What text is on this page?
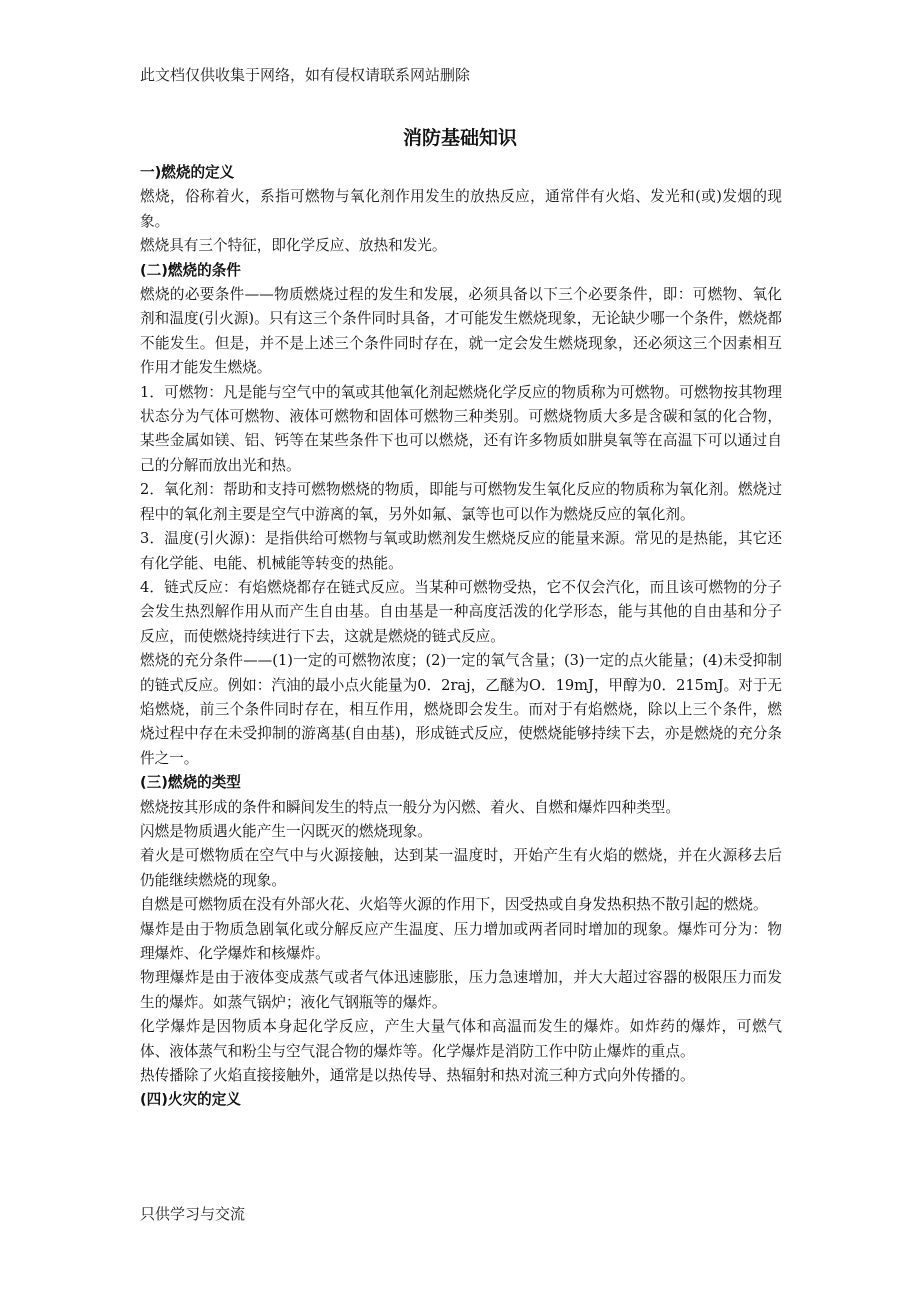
此文档仅供收集于网络，如有侵权请联系网站删除
消防基础知识
一)燃烧的定义
燃烧，俗称着火，系指可燃物与氧化剂作用发生的放热反应，通常伴有火焰、发光和(或)发烟的现象。
燃烧具有三个特征，即化学反应、放热和发光。
(二)燃烧的条件
燃烧的必要条件——物质燃烧过程的发生和发展，必须具备以下三个必要条件，即：可燃物、氧化剂和温度(引火源)。只有这三个条件同时具备，才可能发生燃烧现象，无论缺少哪一个条件，燃烧都不能发生。但是，并不是上述三个条件同时存在，就一定会发生燃烧现象，还必须这三个因素相互作用才能发生燃烧。
1．可燃物：凡是能与空气中的氧或其他氧化剂起燃烧化学反应的物质称为可燃物。可燃物按其物理状态分为气体可燃物、液体可燃物和固体可燃物三种类别。可燃烧物质大多是含碳和氢的化合物，某些金属如镁、铝、钙等在某些条件下也可以燃烧，还有许多物质如肼臭氧等在高温下可以通过自己的分解而放出光和热。
2．氧化剂：帮助和支持可燃物燃烧的物质，即能与可燃物发生氧化反应的物质称为氧化剂。燃烧过程中的氧化剂主要是空气中游离的氧，另外如氟、氯等也可以作为燃烧反应的氧化剂。
3．温度(引火源)：是指供给可燃物与氧或助燃剂发生燃烧反应的能量来源。常见的是热能，其它还有化学能、电能、机械能等转变的热能。
4．链式反应：有焰燃烧都存在链式反应。当某种可燃物受热，它不仅会汽化，而且该可燃物的分子会发生热烈解作用从而产生自由基。自由基是一种高度活泼的化学形态，能与其他的自由基和分子反应，而使燃烧持续进行下去，这就是燃烧的链式反应。
燃烧的充分条件——(1)一定的可燃物浓度；(2)一定的氧气含量；(3)一定的点火能量；(4)未受抑制的链式反应。例如：汽油的最小点火能量为0．2raj，乙醚为O．19mJ，甲醇为0．215mJ。对于无焰燃烧，前三个条件同时存在，相互作用，燃烧即会发生。而对于有焰燃烧，除以上三个条件，燃烧过程中存在未受抑制的游离基(自由基)，形成链式反应，使燃烧能够持续下去，亦是燃烧的充分条件之一。
(三)燃烧的类型
燃烧按其形成的条件和瞬间发生的特点一般分为闪燃、着火、自燃和爆炸四种类型。
闪燃是物质遇火能产生一闪既灭的燃烧现象。
着火是可燃物质在空气中与火源接触，达到某一温度时，开始产生有火焰的燃烧，并在火源移去后仍能继续燃烧的现象。
自燃是可燃物质在没有外部火花、火焰等火源的作用下，因受热或自身发热积热不散引起的燃烧。
爆炸是由于物质急剧氧化或分解反应产生温度、压力增加或两者同时增加的现象。爆炸可分为：物理爆炸、化学爆炸和核爆炸。
物理爆炸是由于液体变成蒸气或者气体迅速膨胀，压力急速增加，并大大超过容器的极限压力而发生的爆炸。如蒸气锅炉；液化气钢瓶等的爆炸。
化学爆炸是因物质本身起化学反应，产生大量气体和高温而发生的爆炸。如炸药的爆炸，可燃气体、液体蒸气和粉尘与空气混合物的爆炸等。化学爆炸是消防工作中防止爆炸的重点。
热传播除了火焰直接接触外，通常是以热传导、热辐射和热对流三种方式向外传播的。
(四)火灾的定义
只供学习与交流
